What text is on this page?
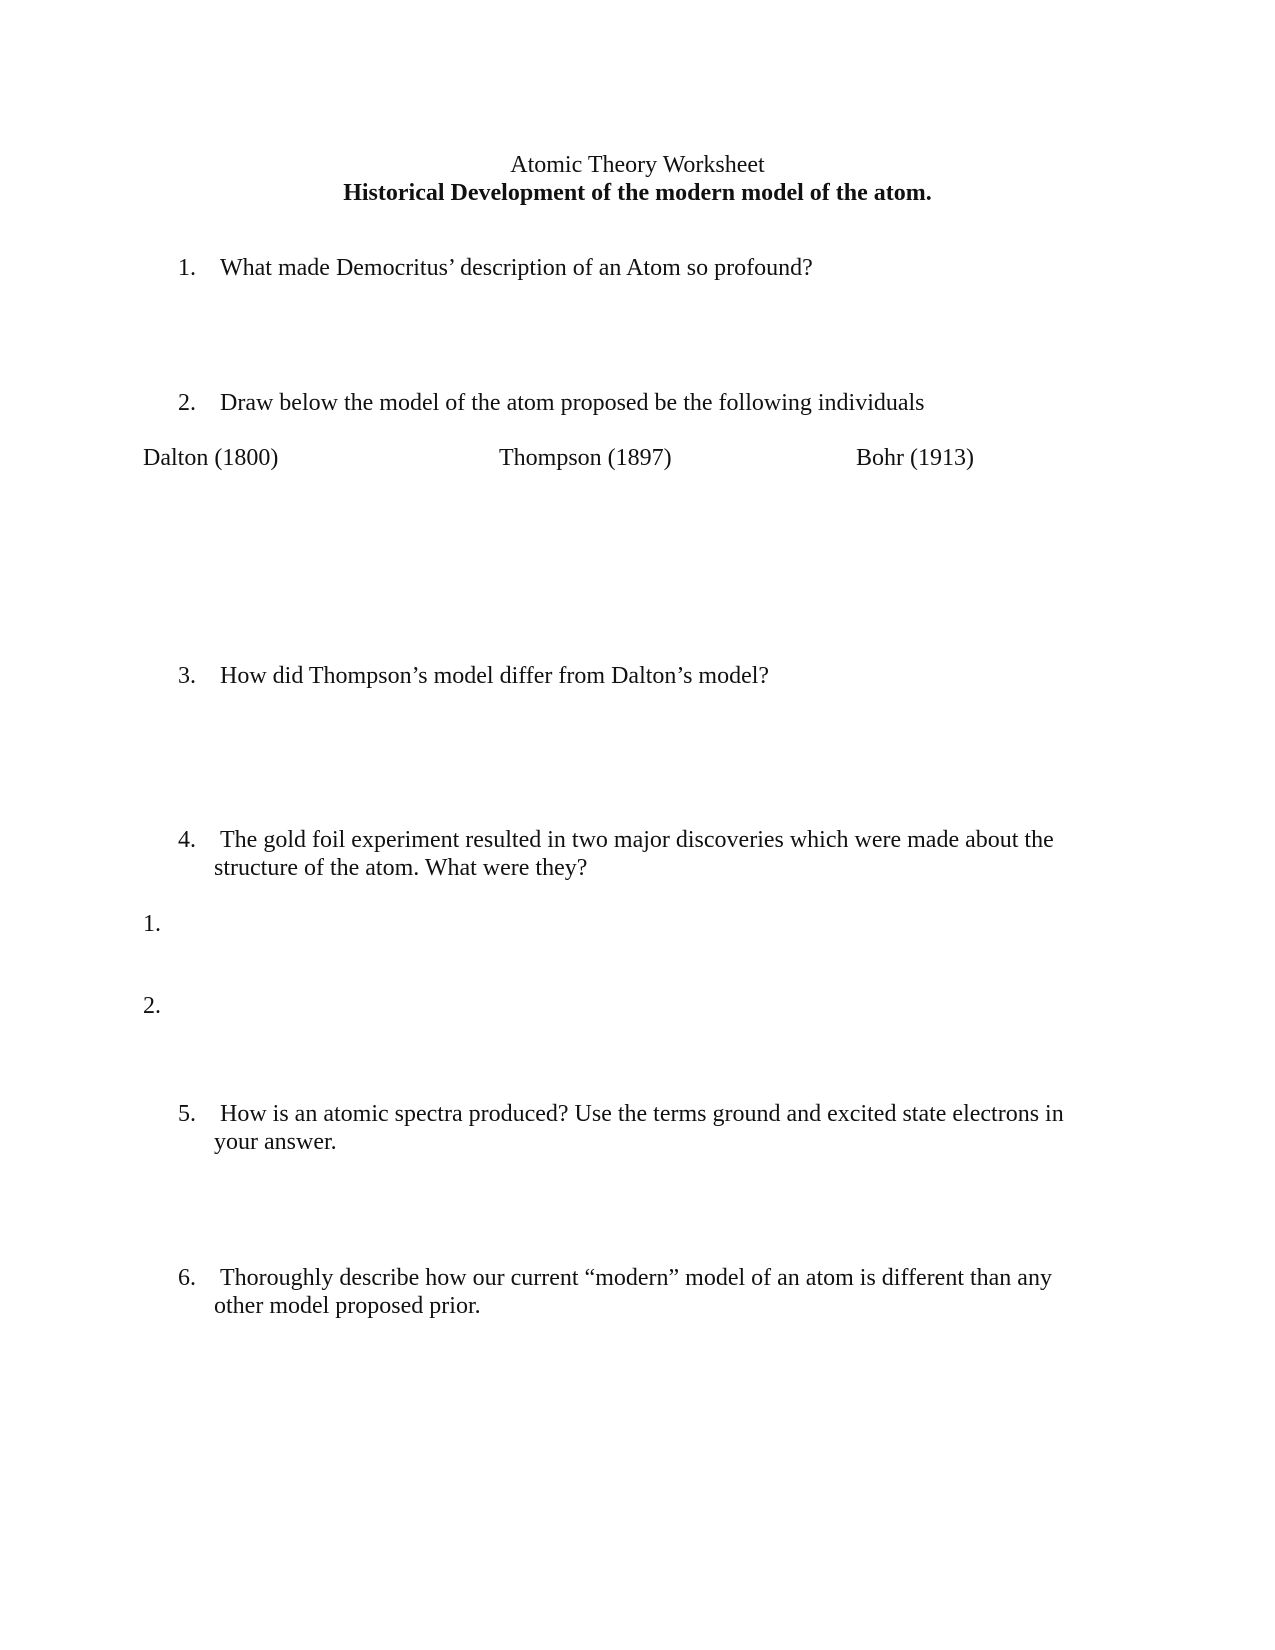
Atomic Theory Worksheet
Historical Development of the modern model of the atom.
1.	What made Democritus’ description of an Atom so profound?
2.	Draw below the model of the atom proposed be the following individuals
Dalton (1800)	Thompson (1897)	Bohr (1913)
3.	How did Thompson’s model differ from Dalton’s model?
4.	The gold foil experiment resulted in two major discoveries which were made about the
structure of the atom. What were they?
1.
2.
5.	How is an atomic spectra produced? Use the terms ground and excited state electrons in
your answer.
6.	Thoroughly describe how our current “modern” model of an atom is different than any
other model proposed prior.
